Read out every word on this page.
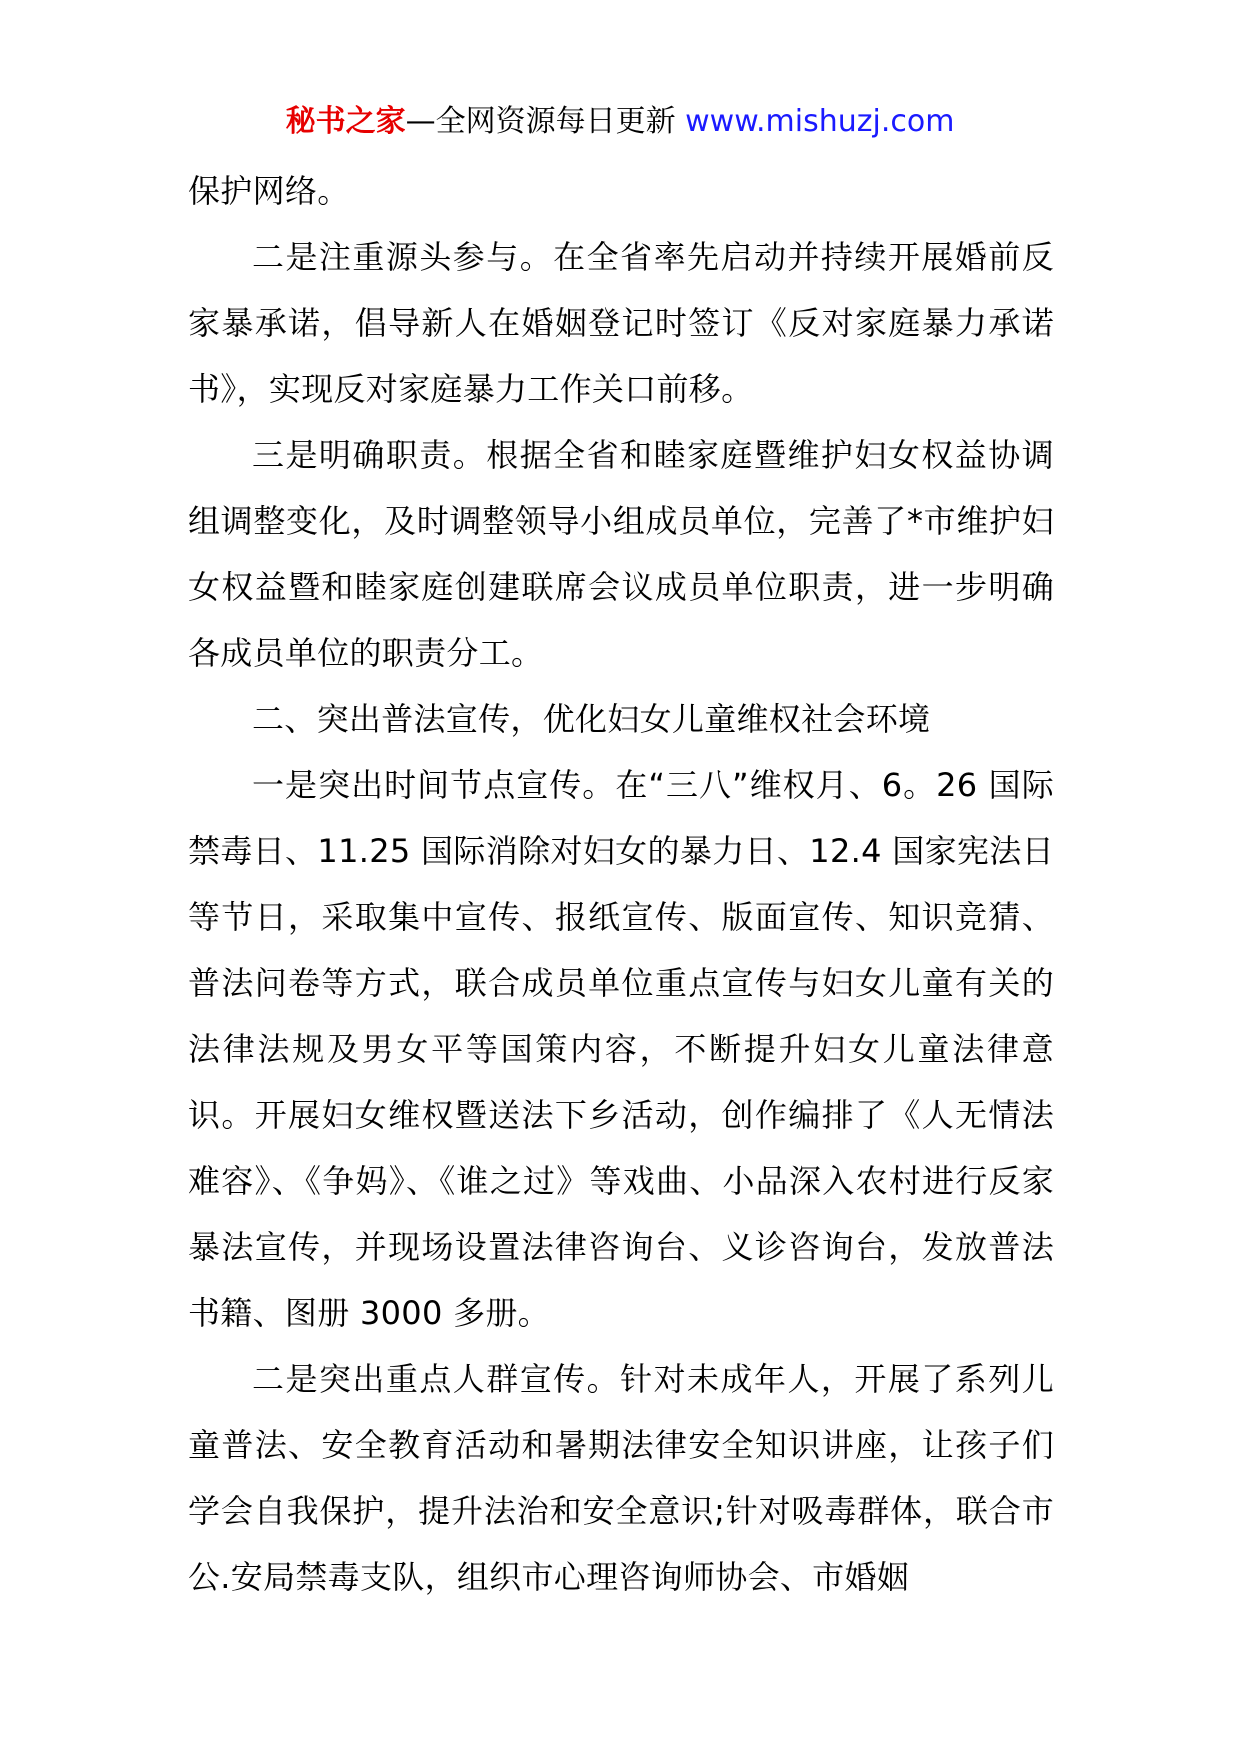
秘书之家—全网资源每日更新 www.mishuzj.com

保护网络。

二是注重源头参与。在全省率先启动并持续开展婚前反家暴承诺，倡导新人在婚姻登记时签订《反对家庭暴力承诺书》，实现反对家庭暴力工作关口前移。

三是明确职责。根据全省和睦家庭暨维护妇女权益协调组调整变化，及时调整领导小组成员单位，完善了*市维护妇女权益暨和睦家庭创建联席会议成员单位职责，进一步明确各成员单位的职责分工。

二、突出普法宣传，优化妇女儿童维权社会环境

一是突出时间节点宣传。在“三八”维权月、6。26 国际禁毒日、11.25 国际消除对妇女的暴力日、12.4 国家宪法日等节日，采取集中宣传、报纸宣传、版面宣传、知识竞猜、普法问卷等方式，联合成员单位重点宣传与妇女儿童有关的法律法规及男女平等国策内容，不断提升妇女儿童法律意识。开展妇女维权暨送法下乡活动，创作编排了《人无情法难容》、《争妈》、《谁之过》等戏曲、小品深入农村进行反家暴法宣传，并现场设置法律咨询台、义诊咨询台，发放普法书籍、图册 3000 多册。

二是突出重点人群宣传。针对未成年人，开展了系列儿童普法、安全教育活动和暑期法律安全知识讲座，让孩子们学会自我保护，提升法治和安全意识;针对吸毒群体，联合市公.安局禁毒支队，组织市心理咨询师协会、市婚姻
